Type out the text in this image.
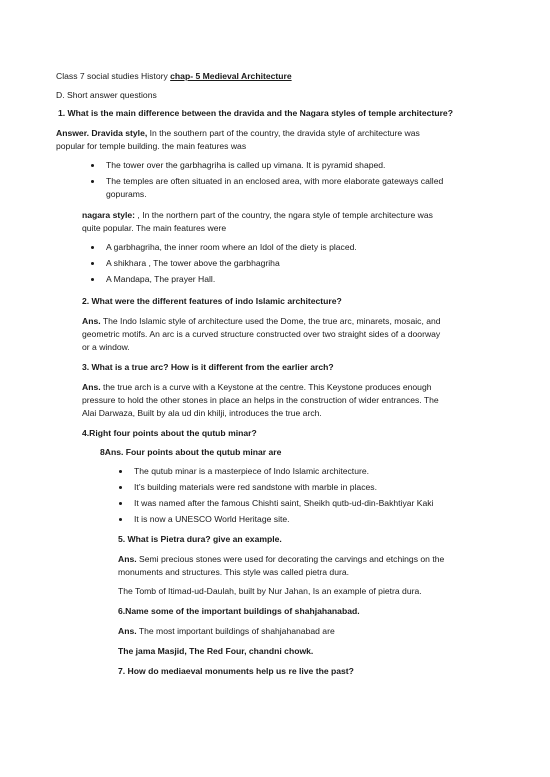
Class 7 social studies History chap- 5 Medieval Architecture
D. Short answer questions
1. What is the main difference between the dravida and the Nagara styles of temple architecture?
Answer. Dravida style, In the southern part of the country, the dravida style of architecture was
popular for temple building. the main features was
The tower over the garbhagriha is called up vimana. It is pyramid shaped.
The temples are often situated in an enclosed area, with more elaborate gateways called
gopurams.
nagara style: , In the northern part of the country, the ngara style of temple architecture was
quite popular. The main features were
A garbhagriha, the inner room where an Idol of the diety is placed.
A shikhara , The tower above the garbhagriha
A Mandapa, The prayer Hall.
2. What were the different features of indo Islamic architecture?
Ans. The Indo Islamic style of architecture used the Dome, the true arc, minarets, mosaic, and
geometric motifs. An arc is a curved structure constructed over two straight sides of a doorway
or a window.
3. What is a true arc? How is it different from the earlier arch?
Ans. the true arch is a curve with a Keystone at the centre. This Keystone produces enough
pressure to hold the other stones in place an helps in the construction of wider entrances. The
Alai Darwaza, Built by ala ud din khilji, introduces the true arch.
4.Right four points about the qutub minar?
8Ans. Four points about the qutub minar are
The qutub minar is a masterpiece of Indo Islamic architecture.
It’s building materials were red sandstone with marble in places.
It was named after the famous Chishti saint, Sheikh qutb-ud-din-Bakhtiyar Kaki
It is now a UNESCO World Heritage site.
5. What is Pietra dura? give an example.
Ans. Semi precious stones were used for decorating the carvings and etchings on the
monuments and structures. This style was called pietra dura.
The Tomb of Itimad-ud-Daulah, built by Nur Jahan, Is an example of pietra dura.
6.Name some of the important buildings of shahjahanabad.
Ans. The most important buildings of shahjahanabad are
The jama Masjid, The Red Four, chandni chowk.
7. How do mediaeval monuments help us re live the past?
